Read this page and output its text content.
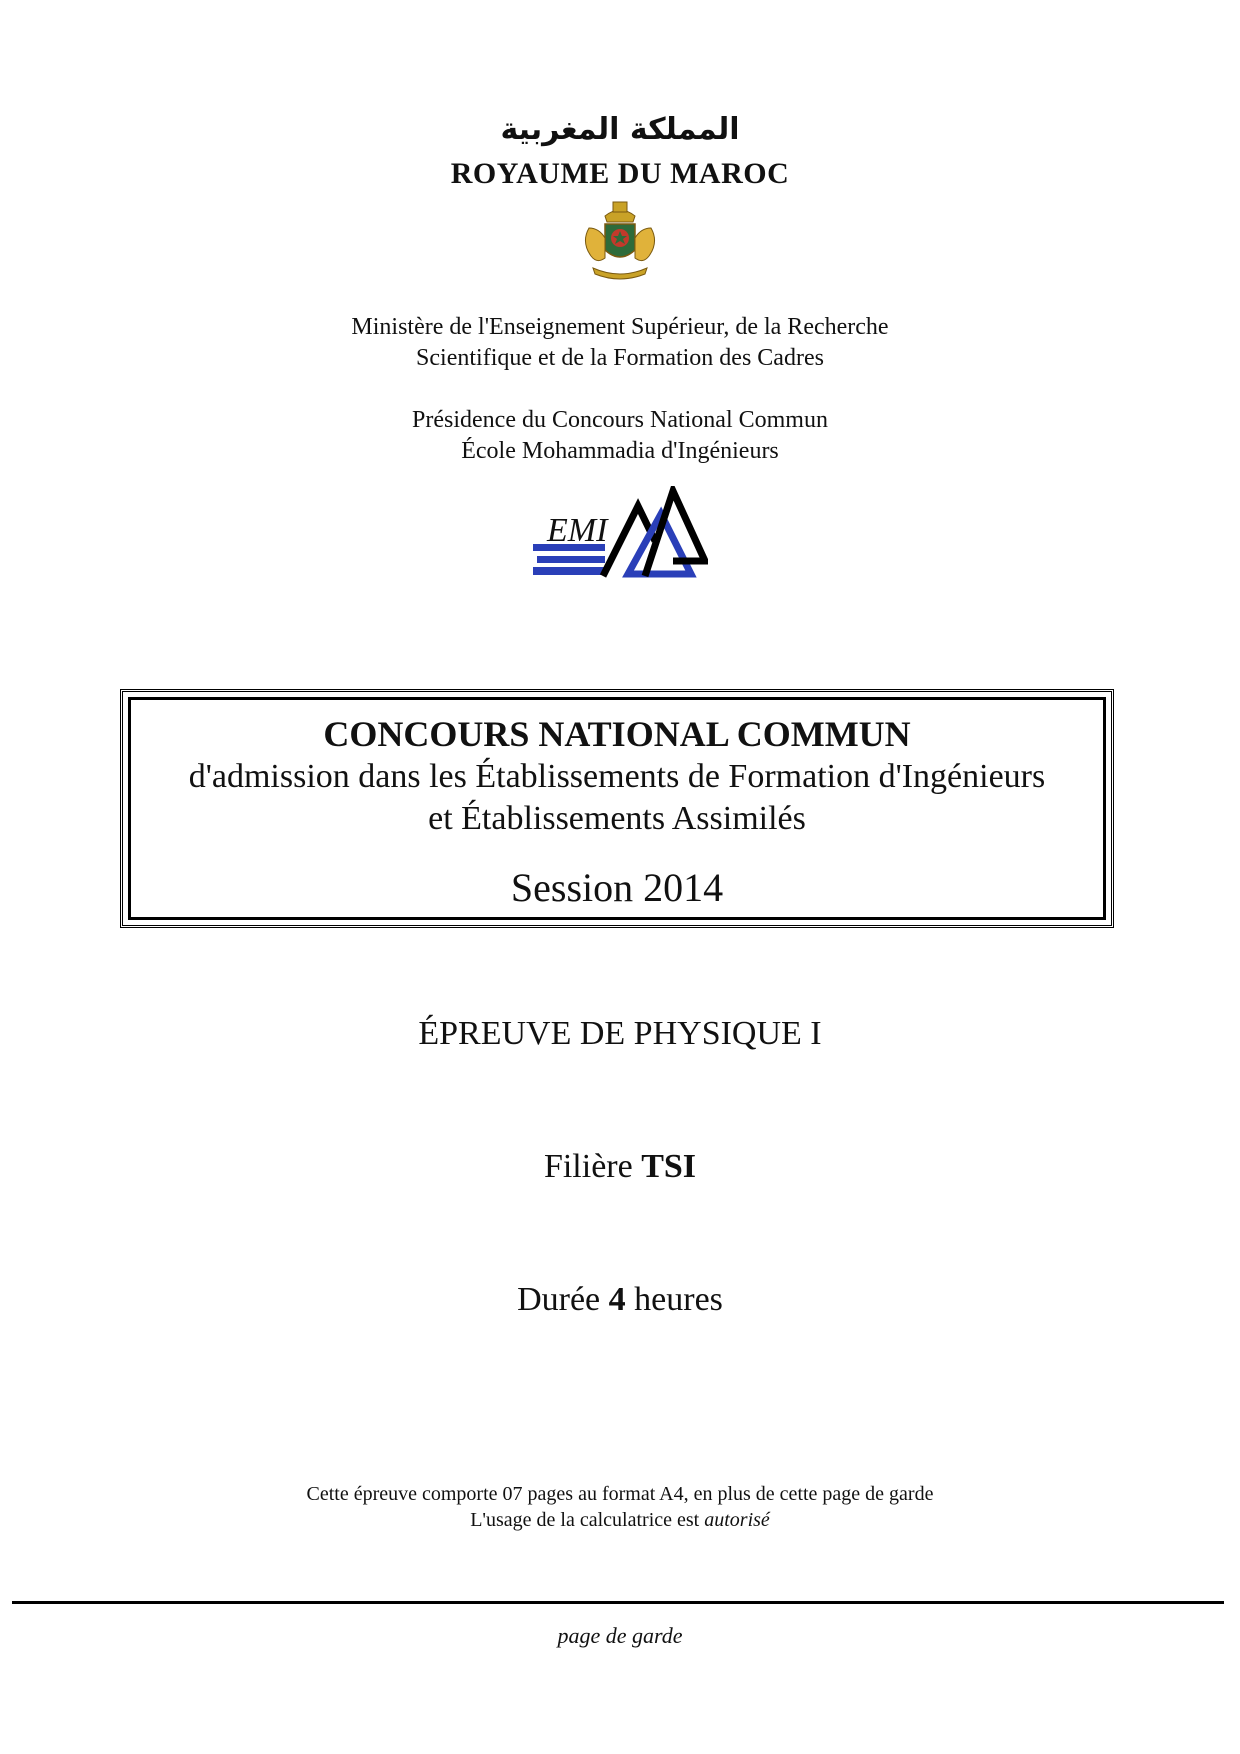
المملكة المغربية
ROYAUME DU MAROC
Ministère de l'Enseignement Supérieur, de la Recherche
Scientifique et de la Formation des Cadres
Présidence du Concours National Commun
École Mohammadia d'Ingénieurs
EMI
CONCOURS NATIONAL COMMUN
d'admission dans les Établissements de Formation d'Ingénieurs
et Établissements Assimilés
Session 2014
ÉPREUVE DE PHYSIQUE I
Filière TSI
Durée 4 heures
Cette épreuve comporte 07 pages au format A4, en plus de cette page de garde
L'usage de la calculatrice est autorisé
page de garde
